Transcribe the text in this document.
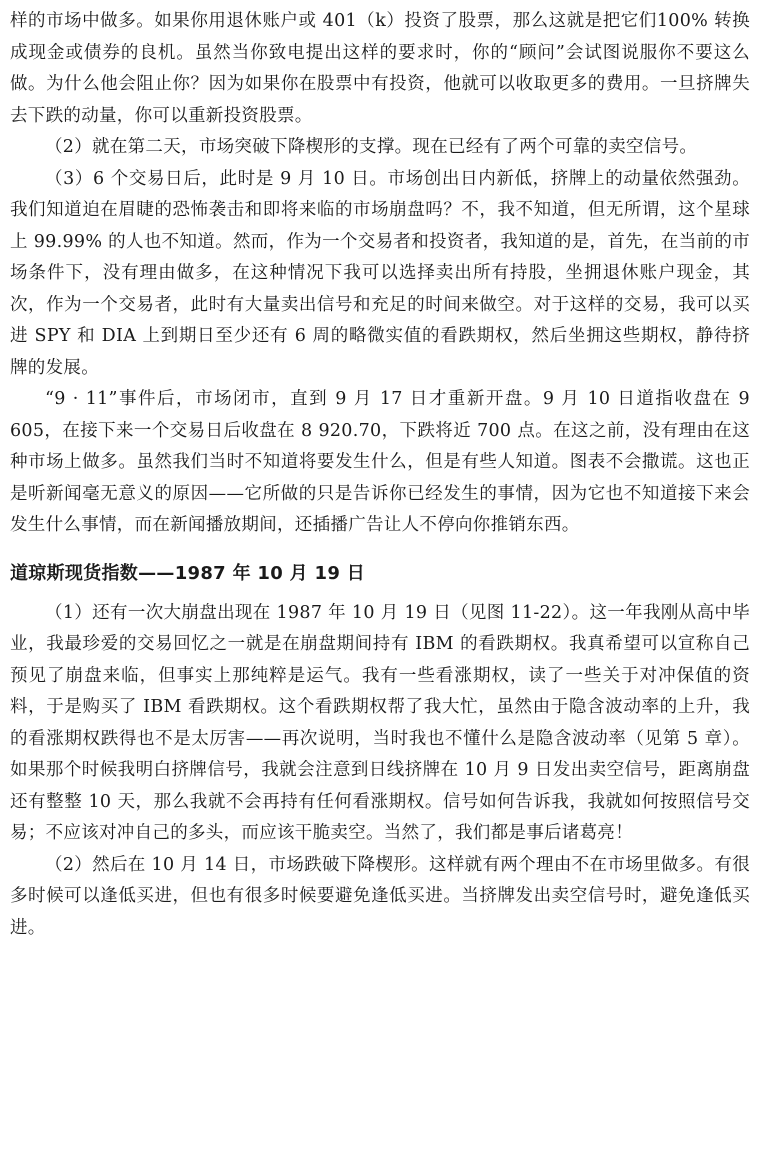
样的市场中做多。如果你用退休账户或 401（k）投资了股票，那么这就是把它们100% 转换成现金或债券的良机。虽然当你致电提出这样的要求时，你的“顾问”会试图说服你不要这么做。为什么他会阻止你？因为如果你在股票中有投资，他就可以收取更多的费用。一旦挤牌失去下跌的动量，你可以重新投资股票。

（2）就在第二天，市场突破下降楔形的支撑。现在已经有了两个可靠的卖空信号。

（3）6 个交易日后，此时是 9 月 10 日。市场创出日内新低，挤牌上的动量依然强劲。我们知道迫在眉睫的恐怖袭击和即将来临的市场崩盘吗？不，我不知道，但无所谓，这个星球上 99.99% 的人也不知道。然而，作为一个交易者和投资者，我知道的是，首先，在当前的市场条件下，没有理由做多，在这种情况下我可以选择卖出所有持股，坐拥退休账户现金，其次，作为一个交易者，此时有大量卖出信号和充足的时间来做空。对于这样的交易，我可以买进 SPY 和 DIA 上到期日至少还有 6 周的略微实值的看跌期权，然后坐拥这些期权，静待挤牌的发展。

“9 · 11”事件后，市场闭市，直到 9 月 17 日才重新开盘。9 月 10 日道指收盘在 9 605，在接下来一个交易日后收盘在 8 920.70，下跌将近 700 点。在这之前，没有理由在这种市场上做多。虽然我们当时不知道将要发生什么，但是有些人知道。图表不会撒谎。这也正是听新闻毫无意义的原因——它所做的只是告诉你已经发生的事情，因为它也不知道接下来会发生什么事情，而在新闻播放期间，还插播广告让人不停向你推销东西。

道琼斯现货指数——1987 年 10 月 19 日

（1）还有一次大崩盘出现在 1987 年 10 月 19 日（见图 11-22）。这一年我刚从高中毕业，我最珍爱的交易回忆之一就是在崩盘期间持有 IBM 的看跌期权。我真希望可以宣称自己预见了崩盘来临，但事实上那纯粹是运气。我有一些看涨期权，读了一些关于对冲保值的资料，于是购买了 IBM 看跌期权。这个看跌期权帮了我大忙，虽然由于隐含波动率的上升，我的看涨期权跌得也不是太厉害——再次说明，当时我也不懂什么是隐含波动率（见第 5 章）。如果那个时候我明白挤牌信号，我就会注意到日线挤牌在 10 月 9 日发出卖空信号，距离崩盘还有整整 10 天，那么我就不会再持有任何看涨期权。信号如何告诉我，我就如何按照信号交易；不应该对冲自己的多头，而应该干脆卖空。当然了，我们都是事后诸葛亮！

（2）然后在 10 月 14 日，市场跌破下降楔形。这样就有两个理由不在市场里做多。有很多时候可以逢低买进，但也有很多时候要避免逢低买进。当挤牌发出卖空信号时，避免逢低买进。
